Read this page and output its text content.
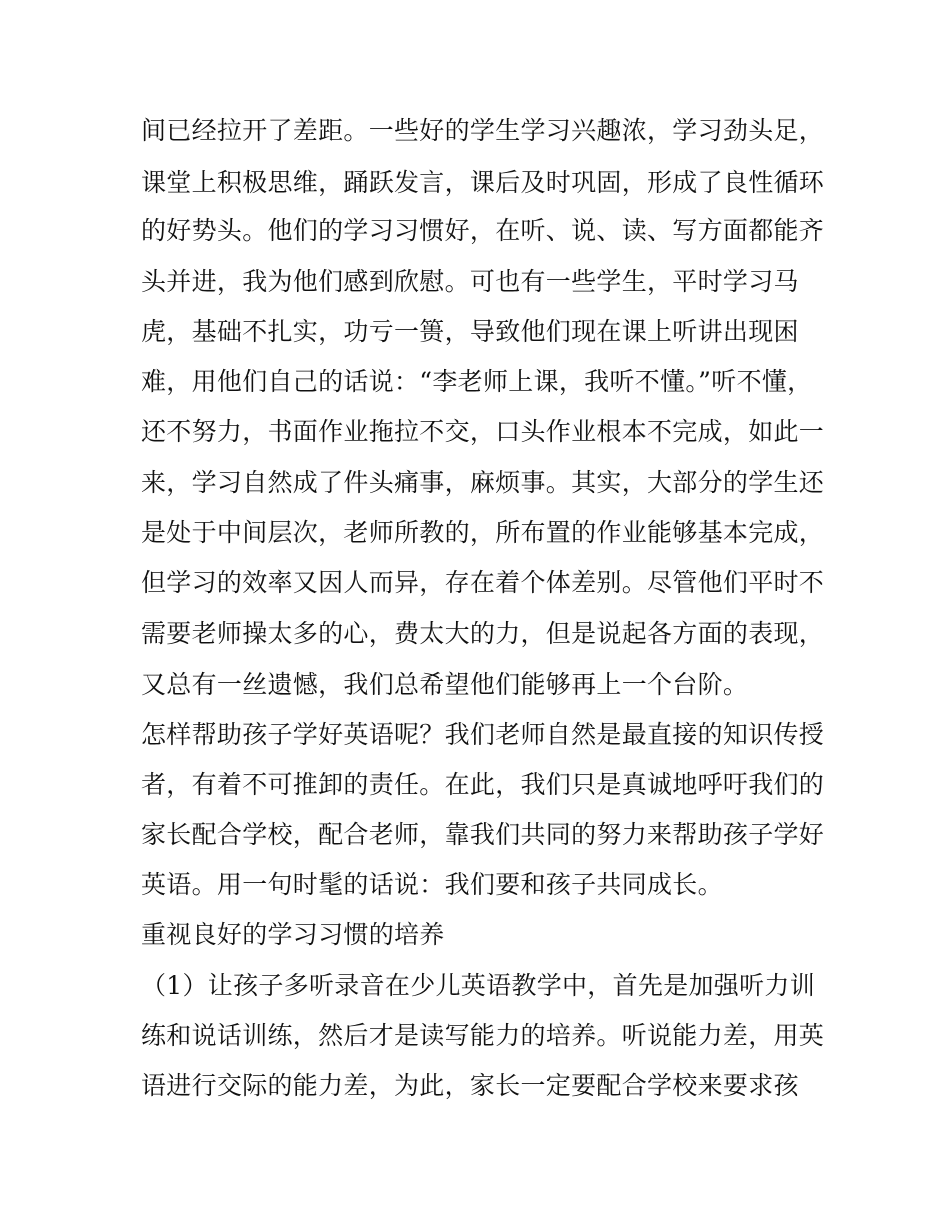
间已经拉开了差距。一些好的学生学习兴趣浓，学习劲头足，
课堂上积极思维，踊跃发言，课后及时巩固，形成了良性循环
的好势头。他们的学习习惯好，在听、说、读、写方面都能齐
头并进，我为他们感到欣慰。可也有一些学生，平时学习马
虎，基础不扎实，功亏一篑，导致他们现在课上听讲出现困
难，用他们自己的话说：“李老师上课，我听不懂。”听不懂，
还不努力，书面作业拖拉不交，口头作业根本不完成，如此一
来，学习自然成了件头痛事，麻烦事。其实，大部分的学生还
是处于中间层次，老师所教的，所布置的作业能够基本完成，
但学习的效率又因人而异，存在着个体差别。尽管他们平时不
需要老师操太多的心，费太大的力，但是说起各方面的表现，
又总有一丝遗憾，我们总希望他们能够再上一个台阶。
怎样帮助孩子学好英语呢？我们老师自然是最直接的知识传授
者，有着不可推卸的责任。在此，我们只是真诚地呼吁我们的
家长配合学校，配合老师，靠我们共同的努力来帮助孩子学好
英语。用一句时髦的话说：我们要和孩子共同成长。
重视良好的学习习惯的培养
（1）让孩子多听录音在少儿英语教学中，首先是加强听力训
练和说话训练，然后才是读写能力的培养。听说能力差，用英
语进行交际的能力差，为此，家长一定要配合学校来要求孩
